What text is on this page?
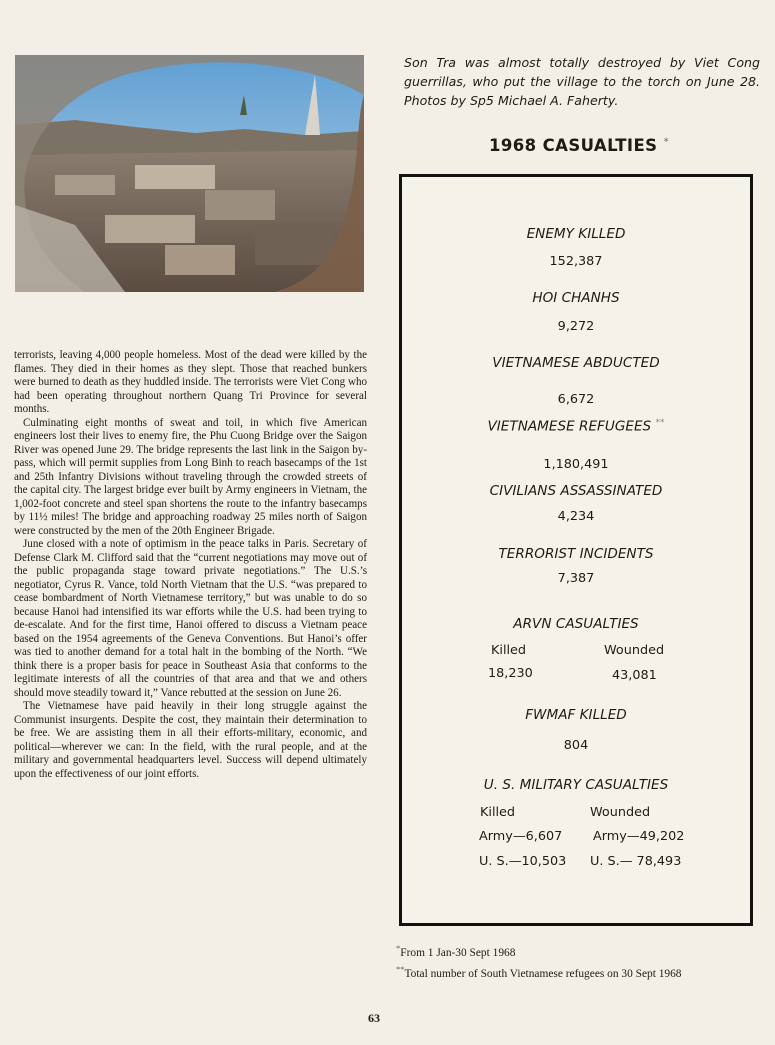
Son Tra was almost totally destroyed by Viet Cong guerrillas, who put the village to the torch on June 28. Photos by Sp5 Michael A. Faherty.

terrorists, leaving 4,000 people homeless. Most of the dead were killed by the flames. They died in their homes as they slept. Those that reached bunkers were burned to death as they huddled inside. The terrorists were Viet Cong who had been operating throughout northern Quang Tri Province for several months.

Culminating eight months of sweat and toil, in which five American engineers lost their lives to enemy fire, the Phu Cuong Bridge over the Saigon River was opened June 29. The bridge represents the last link in the Saigon by-pass, which will permit supplies from Long Binh to reach basecamps of the 1st and 25th Infantry Divisions without traveling through the crowded streets of the capital city. The largest bridge ever built by Army engineers in Vietnam, the 1,002-foot concrete and steel span shortens the route to the infantry basecamps by 11½ miles! The bridge and approaching roadway 25 miles north of Saigon were constructed by the men of the 20th Engineer Brigade.

June closed with a note of optimism in the peace talks in Paris. Secretary of Defense Clark M. Clifford said that the “current negotiations may move out of the public propaganda stage toward private negotiations.” The U.S.’s negotiator, Cyrus R. Vance, told North Vietnam that the U.S. “was prepared to cease bombardment of North Vietnamese territory,” but was unable to do so because Hanoi had intensified its war efforts while the U.S. had been trying to de-escalate. And for the first time, Hanoi offered to discuss a Vietnam peace based on the 1954 agreements of the Geneva Conventions. But Hanoi’s offer was tied to another demand for a total halt in the bombing of the North. “We think there is a proper basis for peace in Southeast Asia that conforms to the legitimate interests of all the countries of that area and that we and others should move steadily toward it,” Vance rebutted at the session on June 26.

The Vietnamese have paid heavily in their long struggle against the Communist insurgents. Despite the cost, they maintain their determination to be free. We are assisting them in all their efforts-military, economic, and political—wherever we can: In the field, with the rural people, and at the military and governmental headquarters level. Success will depend ultimately upon the effectiveness of our joint efforts.

1968 CASUALTIES *
ENEMY KILLED
152,387
HOI CHANHS
9,272
VIETNAMESE ABDUCTED
6,672
VIETNAMESE REFUGEES **
1,180,491
CIVILIANS ASSASSINATED
4,234
TERRORIST INCIDENTS
7,387
ARVN CASUALTIES
Killed	Wounded
18,230	43,081
FWMAF KILLED
804
U. S. MILITARY CASUALTIES
Killed	Wounded
Army—6,607 Army—49,202
U. S.—10,503 U. S.— 78,493

*From 1 Jan-30 Sept 1968

**Total number of South Vietnamese refugees on 30 Sept 1968

63
